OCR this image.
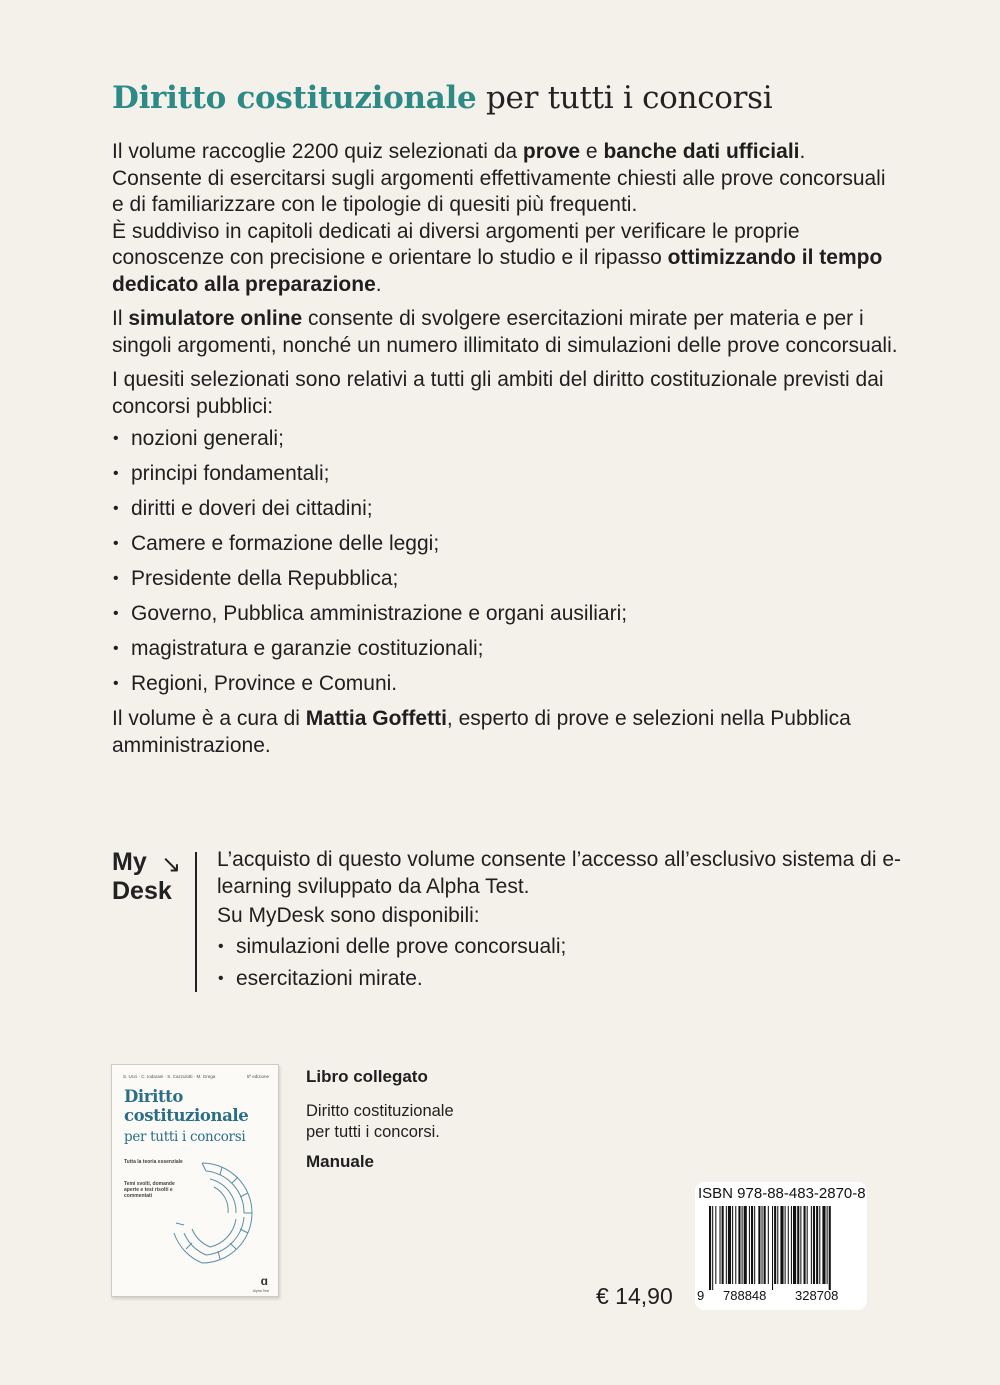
Diritto costituzionale per tutti i concorsi

Il volume raccoglie 2200 quiz selezionati da prove e banche dati ufficiali.
Consente di esercitarsi sugli argomenti effettivamente chiesti alle prove concorsuali e di familiarizzare con le tipologie di quesiti più frequenti.
È suddiviso in capitoli dedicati ai diversi argomenti per verificare le proprie conoscenze con precisione e orientare lo studio e il ripasso ottimizzando il tempo dedicato alla preparazione.

Il simulatore online consente di svolgere esercitazioni mirate per materia e per i singoli argomenti, nonché un numero illimitato di simulazioni delle prove concorsuali.

I quesiti selezionati sono relativi a tutti gli ambiti del diritto costituzionale previsti dai concorsi pubblici:

• nozioni generali;
• principi fondamentali;
• diritti e doveri dei cittadini;
• Camere e formazione delle leggi;
• Presidente della Repubblica;
• Governo, Pubblica amministrazione e organi ausiliari;
• magistratura e garanzie costituzionali;
• Regioni, Province e Comuni.

Il volume è a cura di Mattia Goffetti, esperto di prove e selezioni nella Pubblica amministrazione.

My
Desk
↘ L’acquisto di questo volume consente l’accesso all’esclusivo sistema di e-learning sviluppato da Alpha Test.

Su MyDesk sono disponibili:

• simulazioni delle prove concorsuali;
• esercitazioni mirate.
S. Ucci · C. Iodarani · S. Cazzulotti · M. Grega	5ª edizione
Diritto costituzionale
per tutti i concorsi
Tutta la teoria essenziale
Temi svolti, domande aperte e test risolti e commentati
ɑ
Alpha Test
Libro collegato
Diritto costituzionale per tutti i concorsi.
Manuale
€ 14,90
ISBN 978-88-483-2870-8
9 788848 328708
